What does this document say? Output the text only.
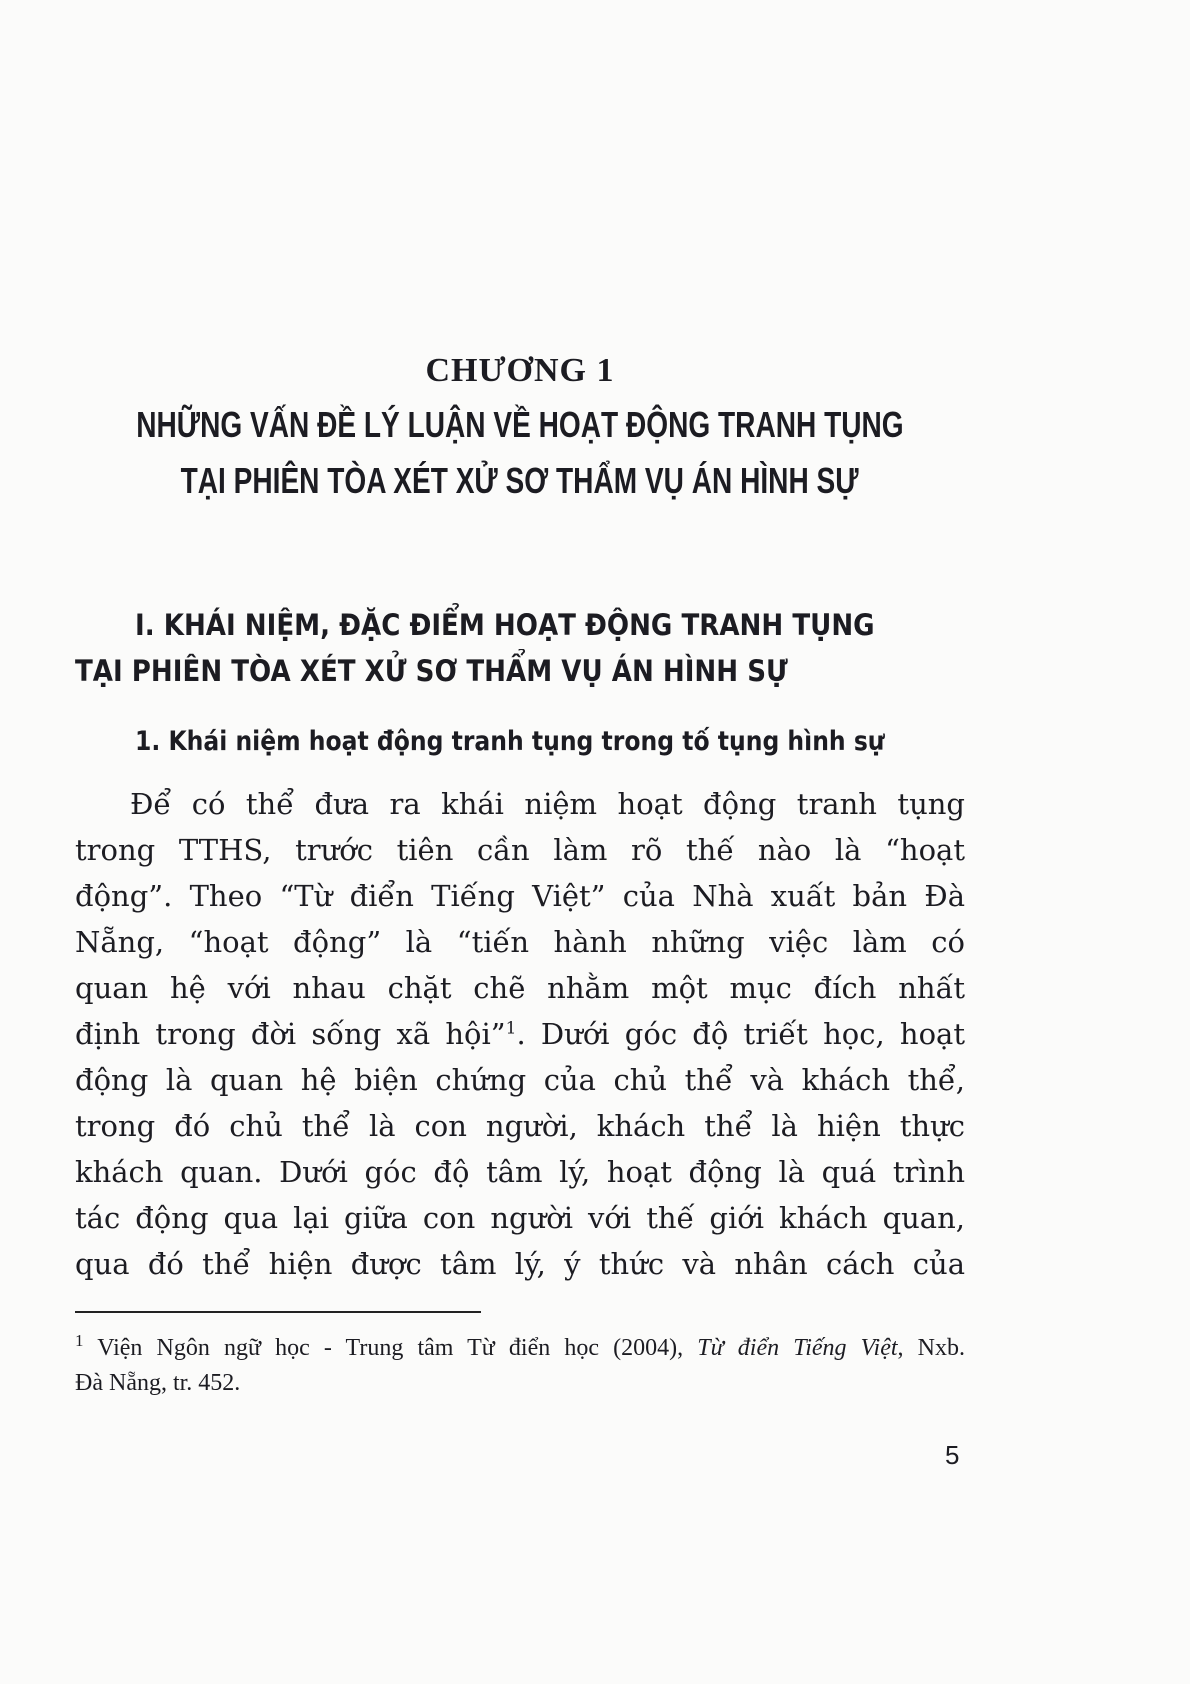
CHƯƠNG 1
NHỮNG VẤN ĐỀ LÝ LUẬN VỀ HOẠT ĐỘNG TRANH TỤNG
TẠI PHIÊN TÒA XÉT XỬ SƠ THẨM VỤ ÁN HÌNH SỰ
I. KHÁI NIỆM, ĐẶC ĐIỂM HOẠT ĐỘNG TRANH TỤNG
TẠI PHIÊN TÒA XÉT XỬ SƠ THẨM VỤ ÁN HÌNH SỰ
1. Khái niệm hoạt động tranh tụng trong tố tụng hình sự
Để có thể đưa ra khái niệm hoạt động tranh tụng
trong TTHS, trước tiên cần làm rõ thế nào là “hoạt
động”. Theo “Từ điển Tiếng Việt” của Nhà xuất bản Đà
Nẵng, “hoạt động” là “tiến hành những việc làm có
quan hệ với nhau chặt chẽ nhằm một mục đích nhất
định trong đời sống xã hội”$^1$. Dưới góc độ triết học, hoạt
động là quan hệ biện chứng của chủ thể và khách thể,
trong đó chủ thể là con người, khách thể là hiện thực
khách quan. Dưới góc độ tâm lý, hoạt động là quá trình
tác động qua lại giữa con người với thế giới khách quan,
qua đó thể hiện được tâm lý, ý thức và nhân cách của
$^1$ Viện Ngôn ngữ học - Trung tâm Từ điển học (2004), Từ điển Tiếng Việt, Nxb.
Đà Nẵng, tr. 452.
5
